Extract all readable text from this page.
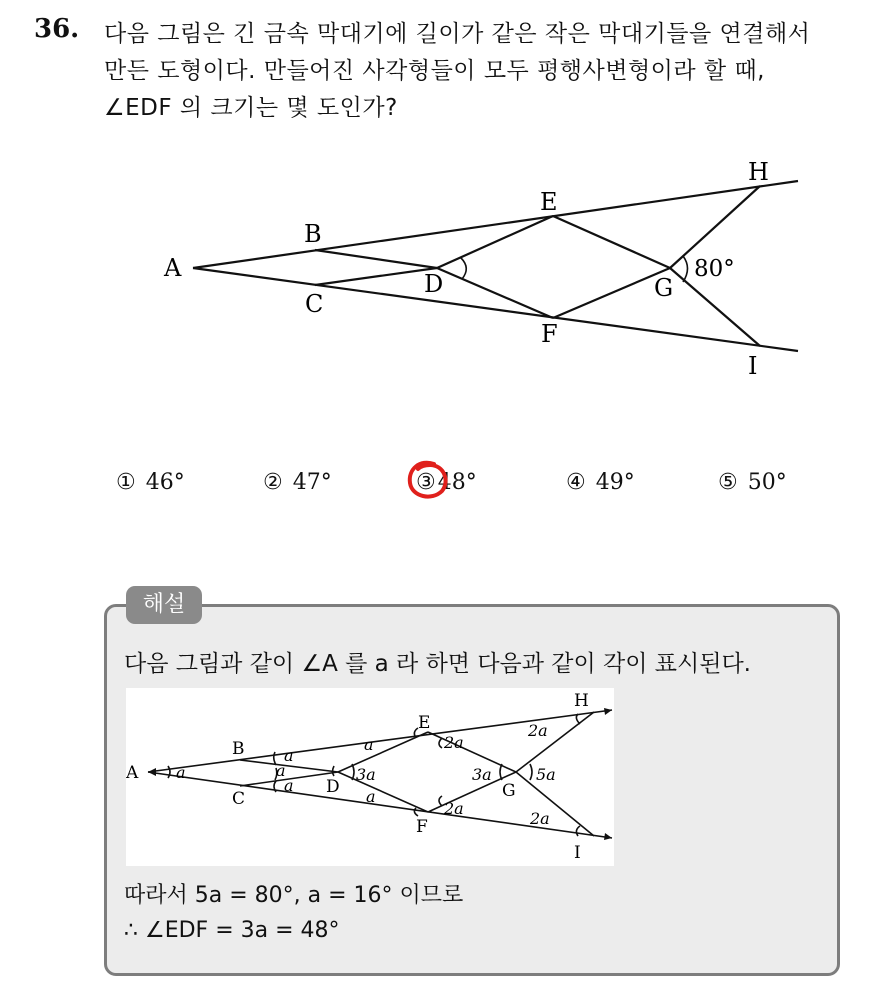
36. 다음 그림은 긴 금속 막대기에 길이가 같은 작은 막대기들을 연결해서
만든 도형이다. 만들어진 사각형들이 모두 평행사변형이라 할 때,
∠EDF 의 크기는 몇 도인가?
A
B
C
D
E
F
G
H
I
80°
① 46°	② 47°	③48°	④ 49°	⑤ 50°
해설
다음 그림과 같이 ∠A 를 a 라 하면 다음과 같이 각이 표시된다.
A
B
C
D
E
F
G
H
I
a
a
a
a
a
a
2a
2a
2a
2a
3a	3a	5a
따라서 5a = 80°, a = 16° 이므로
∴ ∠EDF = 3a = 48°
